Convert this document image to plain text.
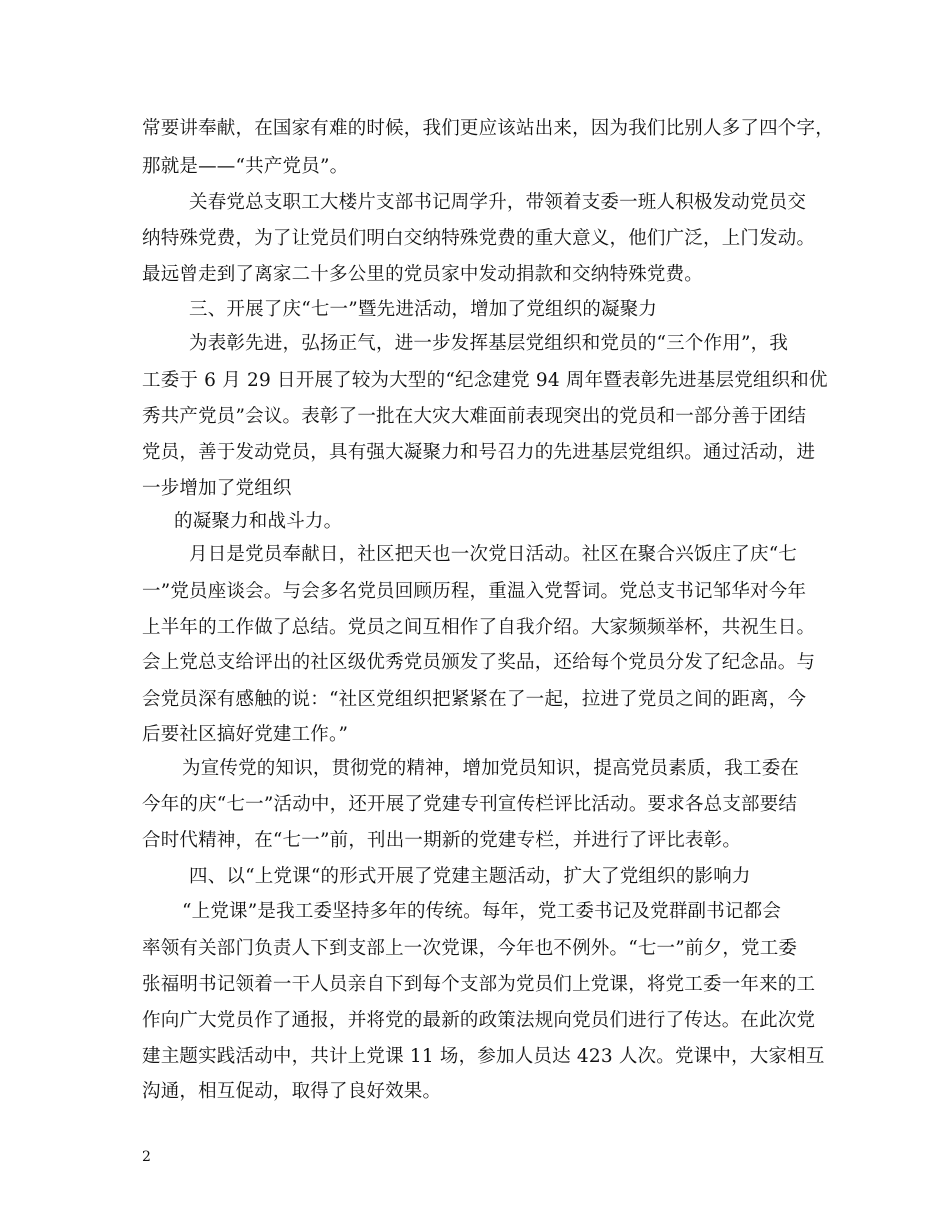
常要讲奉献，在国家有难的时候，我们更应该站出来，因为我们比别人多了四个字，
那就是——“共产党员”。
关春党总支职工大楼片支部书记周学升，带领着支委一班人积极发动党员交
纳特殊党费，为了让党员们明白交纳特殊党费的重大意义，他们广泛，上门发动。
最远曾走到了离家二十多公里的党员家中发动捐款和交纳特殊党费。
三、开展了庆“七一”暨先进活动，增加了党组织的凝聚力
为表彰先进，弘扬正气，进一步发挥基层党组织和党员的“三个作用”，我
工委于 6 月 29 日开展了较为大型的“纪念建党 94 周年暨表彰先进基层党组织和优
秀共产党员”会议。表彰了一批在大灾大难面前表现突出的党员和一部分善于团结
党员，善于发动党员，具有强大凝聚力和号召力的先进基层党组织。通过活动，进
一步增加了党组织
的凝聚力和战斗力。
月日是党员奉献日，社区把天也一次党日活动。社区在聚合兴饭庄了庆“七
一”党员座谈会。与会多名党员回顾历程，重温入党誓词。党总支书记邹华对今年
上半年的工作做了总结。党员之间互相作了自我介绍。大家频频举杯，共祝生日。
会上党总支给评出的社区级优秀党员颁发了奖品，还给每个党员分发了纪念品。与
会党员深有感触的说：“社区党组织把紧紧在了一起，拉进了党员之间的距离，今
后要社区搞好党建工作。”
为宣传党的知识，贯彻党的精神，增加党员知识，提高党员素质，我工委在
今年的庆“七一”活动中，还开展了党建专刊宣传栏评比活动。要求各总支部要结
合时代精神，在“七一”前，刊出一期新的党建专栏，并进行了评比表彰。
四、以“上党课“的形式开展了党建主题活动，扩大了党组织的影响力
“上党课”是我工委坚持多年的传统。每年，党工委书记及党群副书记都会
率领有关部门负责人下到支部上一次党课，今年也不例外。“七一”前夕，党工委
张福明书记领着一干人员亲自下到每个支部为党员们上党课，将党工委一年来的工
作向广大党员作了通报，并将党的最新的政策法规向党员们进行了传达。在此次党
建主题实践活动中，共计上党课 11 场，参加人员达 423 人次。党课中，大家相互
沟通，相互促动，取得了良好效果。
2
